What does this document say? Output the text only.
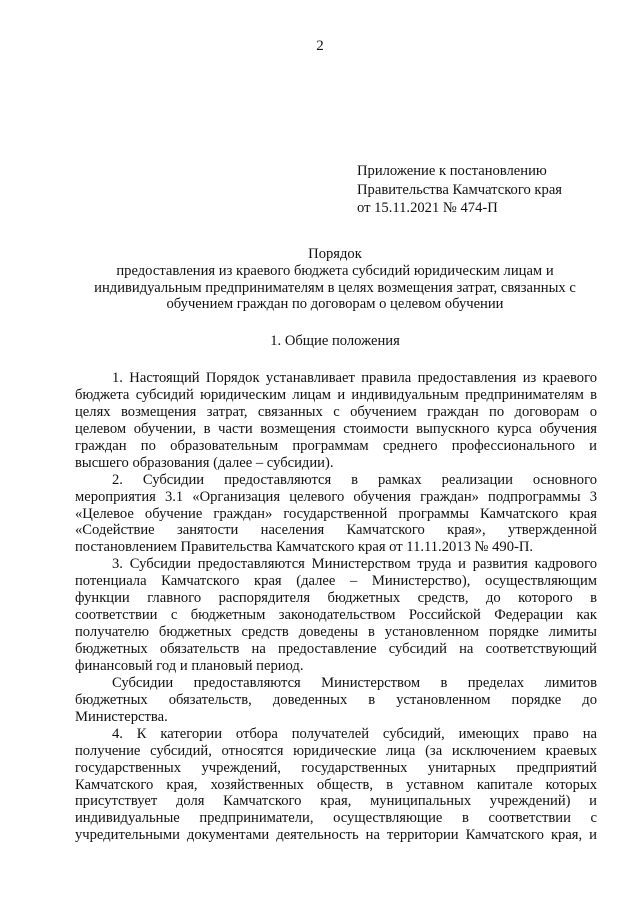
2
Приложение к постановлению
Правительства Камчатского края
от 15.11.2021 № 474-П
Порядок
предоставления из краевого бюджета субсидий юридическим лицам и
индивидуальным предпринимателям в целях возмещения затрат, связанных с
обучением граждан по договорам о целевом обучении
1. Общие положения
1. Настоящий Порядок устанавливает правила предоставления из краевого
бюджета субсидий юридическим лицам и индивидуальным предпринимателям в
целях возмещения затрат, связанных с обучением граждан по договорам о
целевом обучении, в части возмещения стоимости выпускного курса обучения
граждан по образовательным программам среднего профессионального и
высшего образования (далее – субсидии).
2. Субсидии предоставляются в рамках реализации основного
мероприятия 3.1 «Организация целевого обучения граждан» подпрограммы 3
«Целевое обучение граждан» государственной программы Камчатского края
«Содействие занятости населения Камчатского края», утвержденной
постановлением Правительства Камчатского края от 11.11.2013 № 490-П.
3. Субсидии предоставляются Министерством труда и развития кадрового
потенциала Камчатского края (далее – Министерство), осуществляющим
функции главного распорядителя бюджетных средств, до которого в
соответствии с бюджетным законодательством Российской Федерации как
получателю бюджетных средств доведены в установленном порядке лимиты
бюджетных обязательств на предоставление субсидий на соответствующий
финансовый год и плановый период.
Субсидии предоставляются Министерством в пределах лимитов
бюджетных обязательств, доведенных в установленном порядке до
Министерства.
4. К категории отбора получателей субсидий, имеющих право на
получение субсидий, относятся юридические лица (за исключением краевых
государственных учреждений, государственных унитарных предприятий
Камчатского края, хозяйственных обществ, в уставном капитале которых
присутствует доля Камчатского края, муниципальных учреждений) и
индивидуальные предприниматели, осуществляющие в соответствии с
учредительными документами деятельность на территории Камчатского края, и
